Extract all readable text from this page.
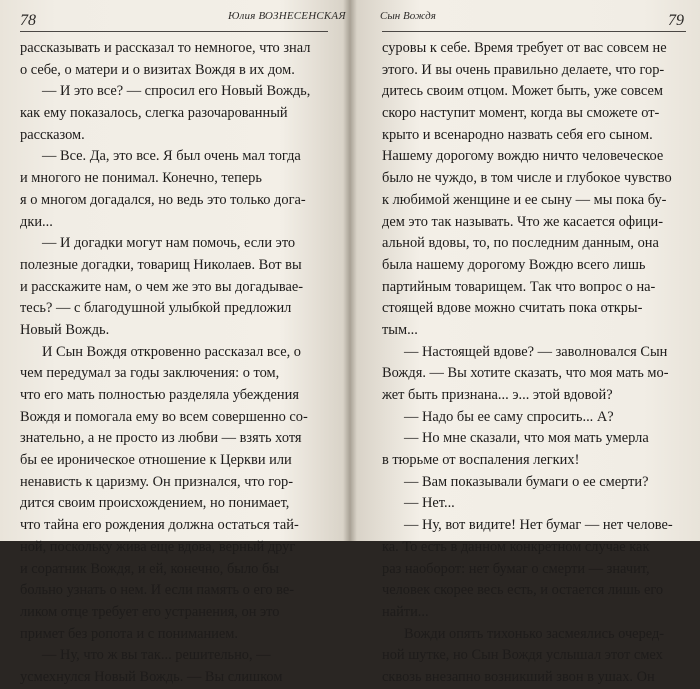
78	Юлия ВОЗНЕСЕНСКАЯ
рассказывать и рассказал то немногое, что знал
о себе, о матери и о визитах Вождя в их дом.
— И это все? — спросил его Новый Вождь,
как ему показалось, слегка разочарованный
рассказом.
— Все. Да, это все. Я был очень мал тогда
и многого не понимал. Конечно, теперь
я о многом догадался, но ведь это только дога-
дки...
— И догадки могут нам помочь, если это
полезные догадки, товарищ Николаев. Вот вы
и расскажите нам, о чем же это вы догадывае-
тесь? — с благодушной улыбкой предложил
Новый Вождь.
И Сын Вождя откровенно рассказал все, о
чем передумал за годы заключения: о том,
что его мать полностью разделяла убеждения
Вождя и помогала ему во всем совершенно со-
знательно, а не просто из любви — взять хотя
бы ее ироническое отношение к Церкви или
ненависть к царизму. Он признался, что гор-
дится своим происхождением, но понимает,
что тайна его рождения должна остаться тай-
ной, поскольку жива еще вдова, верный друг
и соратник Вождя, и ей, конечно, было бы
больно узнать о нем. И если память о его ве-
ликом отце требует его устранения, он это
примет без ропота и с пониманием.
— Ну, что ж вы так... решительно, —
усмехнулся Новый Вождь. — Вы слишком
Сын Вождя	79
суровы к себе. Время требует от вас совсем не
этого. И вы очень правильно делаете, что гор-
дитесь своим отцом. Может быть, уже совсем
скоро наступит момент, когда вы сможете от-
крыто и всенародно назвать себя его сыном.
Нашему дорогому вождю ничто человеческое
было не чуждо, в том числе и глубокое чувство
к любимой женщине и ее сыну — мы пока бу-
дем это так называть. Что же касается офици-
альной вдовы, то, по последним данным, она
была нашему дорогому Вождю всего лишь
партийным товарищем. Так что вопрос о на-
стоящей вдове можно считать пока откры-
тым...
— Настоящей вдове? — заволновался Сын
Вождя. — Вы хотите сказать, что моя мать мо-
жет быть признана... э... этой вдовой?
— Надо бы ее саму спросить... А?
— Но мне сказали, что моя мать умерла
в тюрьме от воспаления легких!
— Вам показывали бумаги о ее смерти?
— Нет...
— Ну, вот видите! Нет бумаг — нет челове-
ка. То есть в данном конкретном случае как
раз наоборот: нет бумаг о смерти — значит,
человек скорее весь есть, и остается лишь его
найти...
Вожди опять тихонько засмеялись очеред-
ной шутке, но Сын Вождя услышал этот смех
сквозь внезапно возникший звон в ушах. Он
